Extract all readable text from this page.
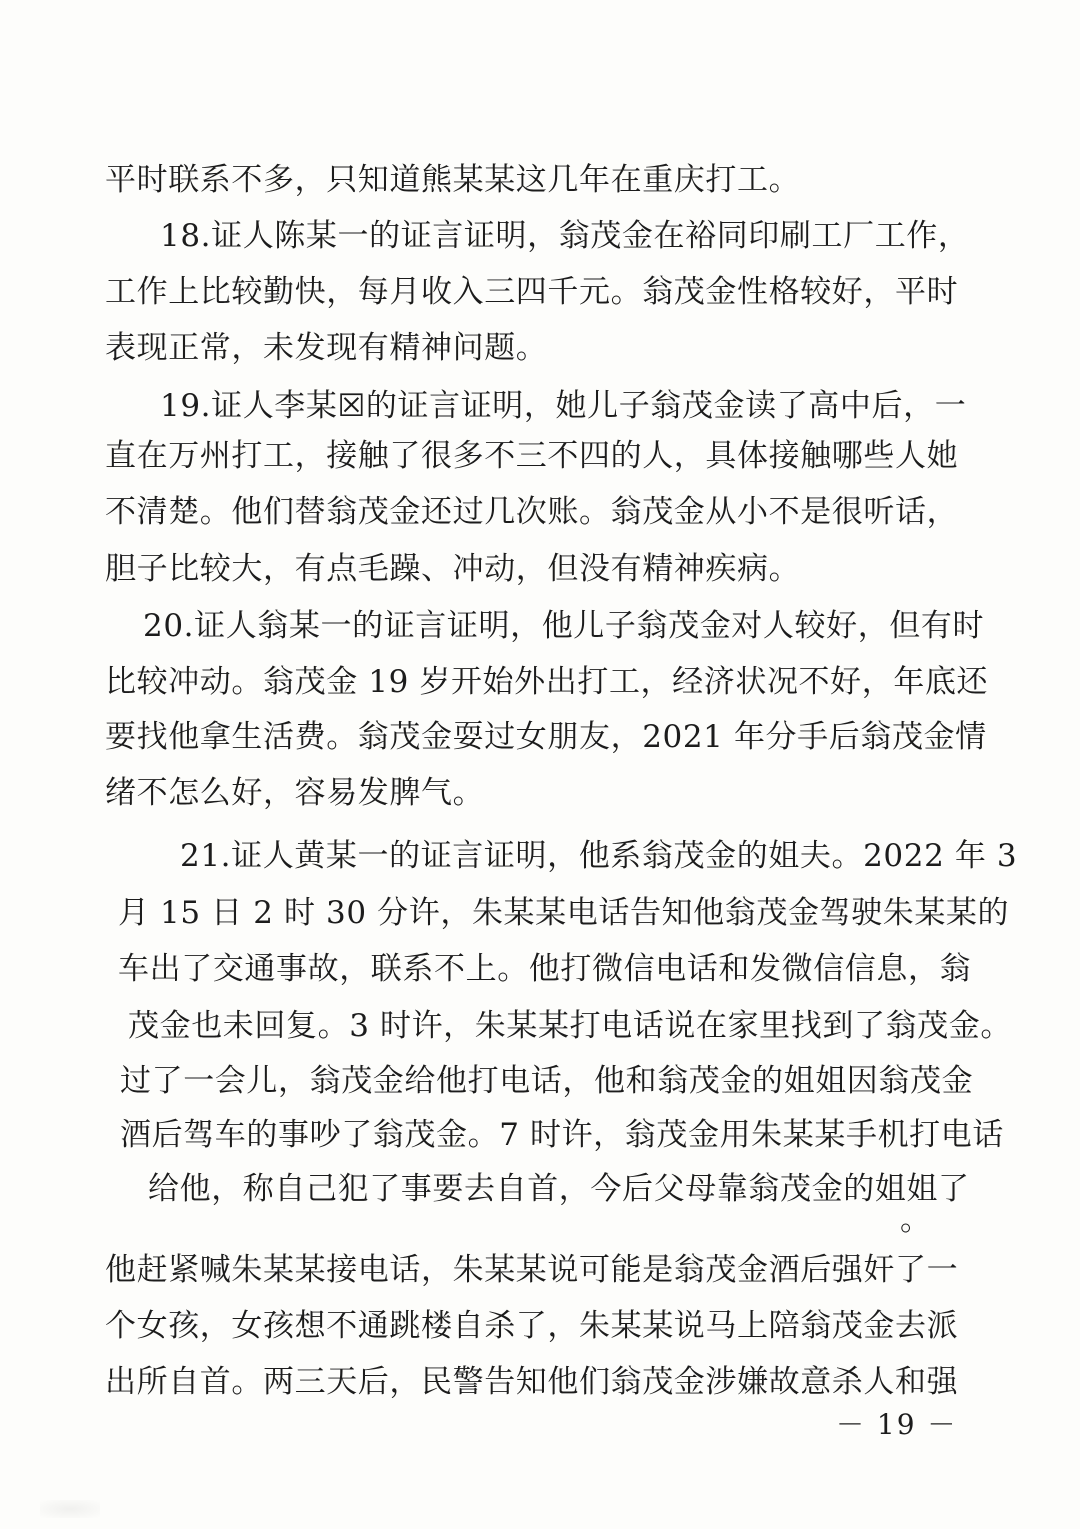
平时联系不多，只知道熊某某这几年在重庆打工。
18.证人陈某一的证言证明，翁茂金在裕同印刷工厂工作，
工作上比较勤快，每月收入三四千元。翁茂金性格较好，平时
表现正常，未发现有精神问题。
19.证人李某☒的证言证明，她儿子翁茂金读了高中后，一
直在万州打工，接触了很多不三不四的人，具体接触哪些人她
不清楚。他们替翁茂金还过几次账。翁茂金从小不是很听话，
胆子比较大，有点毛躁、冲动，但没有精神疾病。
20.证人翁某一的证言证明，他儿子翁茂金对人较好，但有时
比较冲动。翁茂金 19 岁开始外出打工，经济状况不好，年底还
要找他拿生活费。翁茂金耍过女朋友，2021 年分手后翁茂金情
绪不怎么好，容易发脾气。
21.证人黄某一的证言证明，他系翁茂金的姐夫。2022 年 3
月 15 日 2 时 30 分许，朱某某电话告知他翁茂金驾驶朱某某的
车出了交通事故，联系不上。他打微信电话和发微信信息，翁
茂金也未回复。3 时许，朱某某打电话说在家里找到了翁茂金。
过了一会儿，翁茂金给他打电话，他和翁茂金的姐姐因翁茂金
酒后驾车的事吵了翁茂金。7 时许，翁茂金用朱某某手机打电话
给他，称自己犯了事要去自首，今后父母靠翁茂金的姐姐了
。
他赶紧喊朱某某接电话，朱某某说可能是翁茂金酒后强奸了一
个女孩，女孩想不通跳楼自杀了，朱某某说马上陪翁茂金去派
出所自首。两三天后，民警告知他们翁茂金涉嫌故意杀人和强
－ 19 －
